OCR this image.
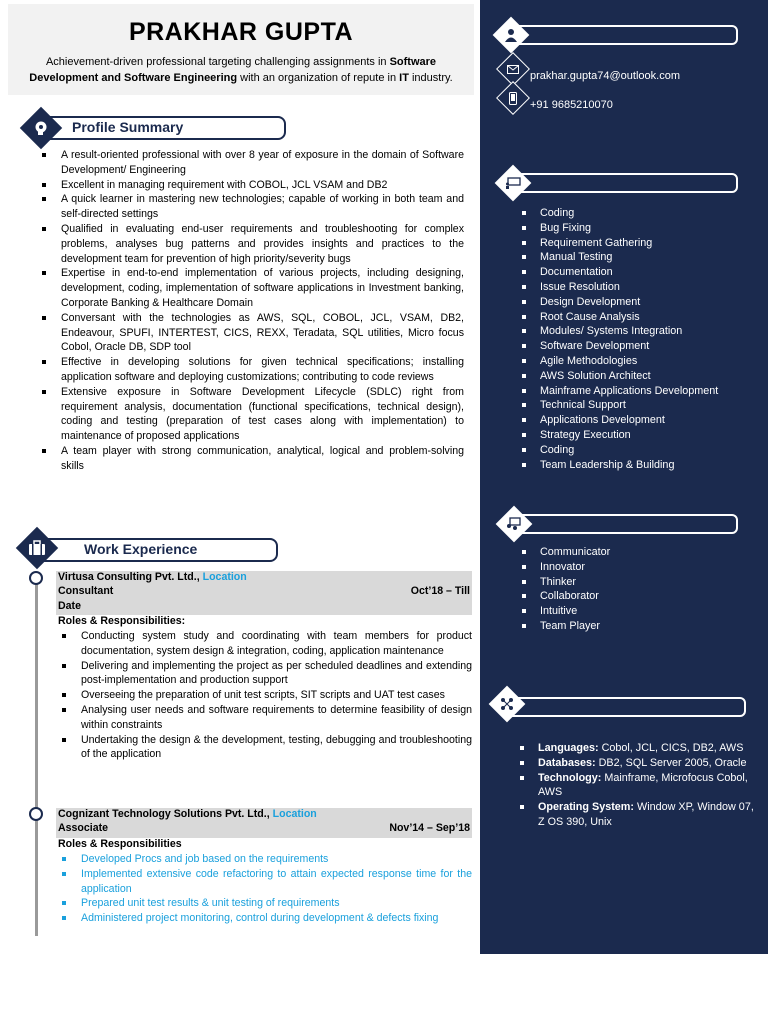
PRAKHAR GUPTA
Achievement-driven professional targeting challenging assignments in Software Development and Software Engineering with an organization of repute in IT industry.
Profile Summary
A result-oriented professional with over 8 year of exposure in the domain of Software Development/ Engineering
Excellent in managing requirement with COBOL, JCL VSAM and DB2
A quick learner in mastering new technologies; capable of working in both team and self-directed settings
Qualified in evaluating end-user requirements and troubleshooting for complex problems, analyses bug patterns and provides insights and practices to the development team for prevention of high priority/severity bugs
Expertise in end-to-end implementation of various projects, including designing, development, coding, implementation of software applications in Investment banking, Corporate Banking & Healthcare Domain
Conversant with the technologies as AWS, SQL, COBOL, JCL, VSAM, DB2, Endeavour, SPUFI, INTERTEST, CICS, REXX, Teradata, SQL utilities, Micro focus Cobol, Oracle DB, SDP tool
Effective in developing solutions for given technical specifications; installing application software and deploying customizations; contributing to code reviews
Extensive exposure in Software Development Lifecycle (SDLC) right from requirement analysis, documentation (functional specifications, technical design), coding and testing (preparation of test cases along with implementation) to maintenance of proposed applications
A team player with strong communication, analytical, logical and problem-solving skills
Work Experience
Virtusa Consulting Pvt. Ltd., Location
Consultant	Oct’18 – Till
Date
Roles & Responsibilities:
Conducting system study and coordinating with team members for product documentation, system design & integration, coding, application maintenance
Delivering and implementing the project as per scheduled deadlines and extending post-implementation and production support
Overseeing the preparation of unit test scripts, SIT scripts and UAT test cases
Analysing user needs and software requirements to determine feasibility of design within constraints
Undertaking the design & the development, testing, debugging and troubleshooting of the application
Cognizant Technology Solutions Pvt. Ltd., Location
Associate	Nov’14 – Sep’18
Roles & Responsibilities
Developed Procs and job based on the requirements
Implemented extensive code refactoring to attain expected response time for the application
Prepared unit test results & unit testing of requirements
Administered project monitoring, control during development & defects fixing
prakhar.gupta74@outlook.com
+91 9685210070
Coding
Bug Fixing
Requirement Gathering
Manual Testing
Documentation
Issue Resolution
Design Development
Root Cause Analysis
Modules/ Systems Integration
Software Development
Agile Methodologies
AWS Solution Architect
Mainframe Applications Development
Technical Support
Applications Development
Strategy Execution
Coding
Team Leadership & Building
Communicator
Innovator
Thinker
Collaborator
Intuitive
Team Player
Languages: Cobol, JCL, CICS, DB2, AWS
Databases: DB2, SQL Server 2005, Oracle
Technology: Mainframe, Microfocus Cobol, AWS
Operating System: Window XP, Window 07, Z OS 390, Unix
